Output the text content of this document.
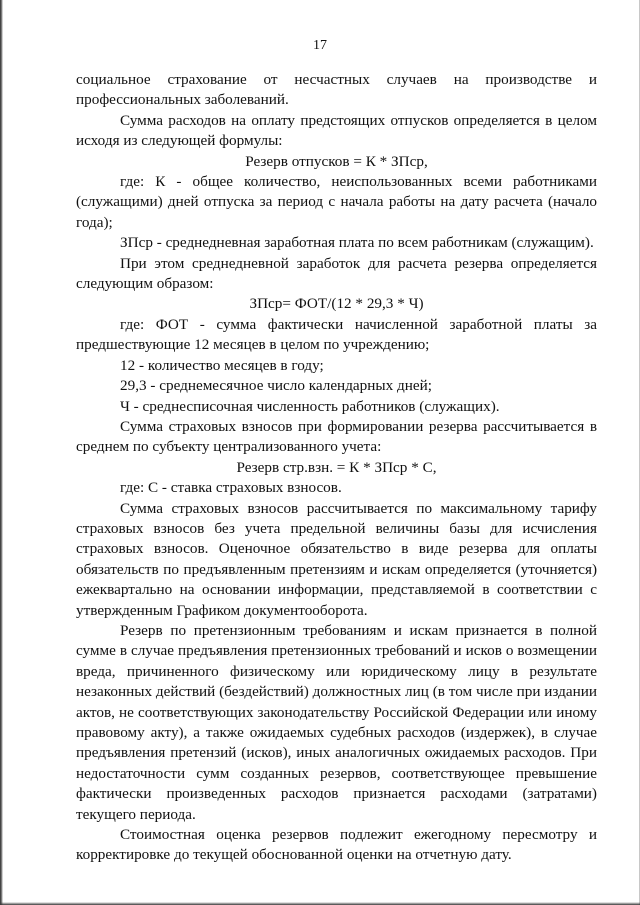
17

социальное страхование от несчастных случаев на производстве и профессиональных заболеваний.

Сумма расходов на оплату предстоящих отпусков определяется в целом исходя из следующей формулы:

Резерв отпусков = К * ЗПср,

где: К - общее количество, неиспользованных всеми работниками (служащими) дней отпуска за период с начала работы на дату расчета (начало года);

ЗПср - среднедневная заработная плата по всем работникам (служащим).

При этом среднедневной заработок для расчета резерва определяется следующим образом:

ЗПср= ФОТ/(12 * 29,3 * Ч)

где: ФОТ - сумма фактически начисленной заработной платы за предшествующие 12 месяцев в целом по учреждению;

12 - количество месяцев в году;

29,3 - среднемесячное число календарных дней;

Ч - среднесписочная численность работников (служащих).

Сумма страховых взносов при формировании резерва рассчитывается в среднем по субъекту централизованного учета:

Резерв стр.взн. = К * ЗПср * С,

где: С - ставка страховых взносов.

Сумма страховых взносов рассчитывается по максимальному тарифу страховых взносов без учета предельной величины базы для исчисления страховых взносов. Оценочное обязательство в виде резерва для оплаты обязательств по предъявленным претензиям и искам определяется (уточняется) ежеквартально на основании информации, представляемой в соответствии с утвержденным Графиком документооборота.

Резерв по претензионным требованиям и искам признается в полной сумме в случае предъявления претензионных требований и исков о возмещении вреда, причиненного физическому или юридическому лицу в результате незаконных действий (бездействий) должностных лиц (в том числе при издании актов, не соответствующих законодательству Российской Федерации или иному правовому акту), а также ожидаемых судебных расходов (издержек), в случае предъявления претензий (исков), иных аналогичных ожидаемых расходов. При недостаточности сумм созданных резервов, соответствующее превышение фактически произведенных расходов признается расходами (затратами) текущего периода.

Стоимостная оценка резервов подлежит ежегодному пересмотру и корректировке до текущей обоснованной оценки на отчетную дату.
